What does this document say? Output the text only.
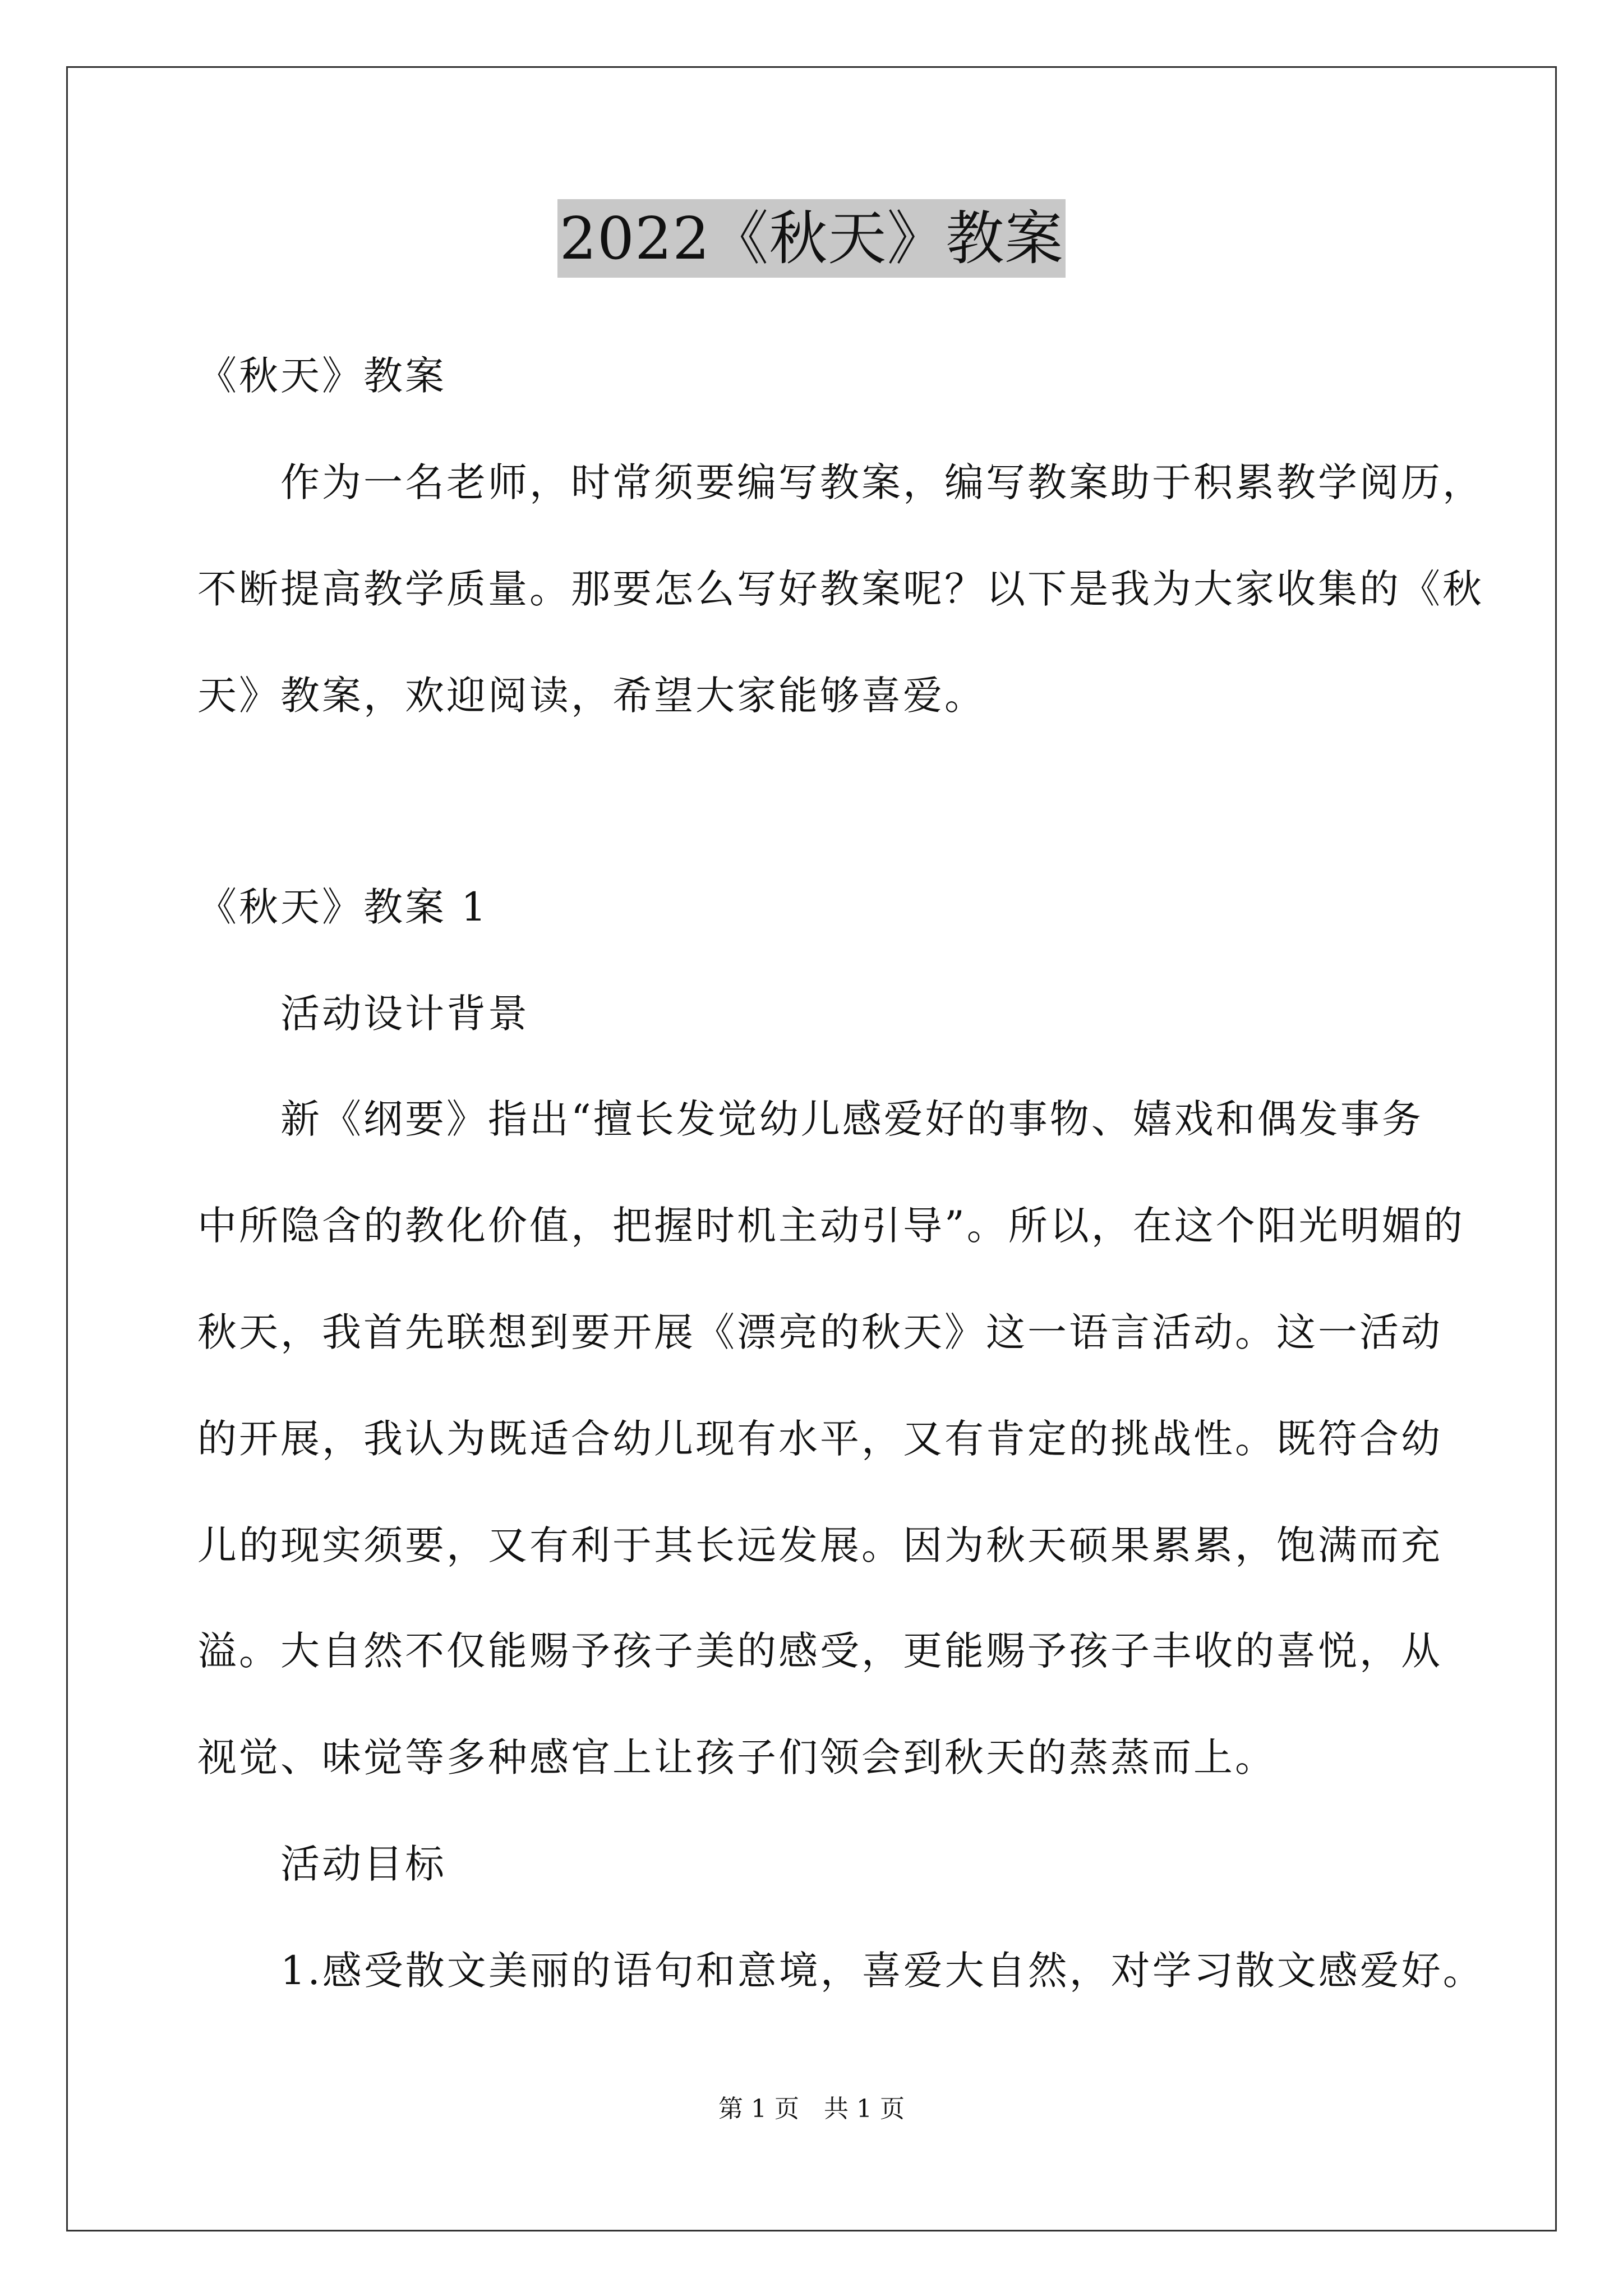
2022《秋天》教案
《秋天》教案
作为一名老师，时常须要编写教案，编写教案助于积累教学阅历，
不断提高教学质量。那要怎么写好教案呢？以下是我为大家收集的《秋
天》教案，欢迎阅读，希望大家能够喜爱。
《秋天》教案 1
活动设计背景
新《纲要》指出“擅长发觉幼儿感爱好的事物、嬉戏和偶发事务
中所隐含的教化价值，把握时机主动引导”。所以，在这个阳光明媚的
秋天，我首先联想到要开展《漂亮的秋天》这一语言活动。这一活动
的开展，我认为既适合幼儿现有水平，又有肯定的挑战性。既符合幼
儿的现实须要，又有利于其长远发展。因为秋天硕果累累，饱满而充
溢。大自然不仅能赐予孩子美的感受，更能赐予孩子丰收的喜悦，从
视觉、味觉等多种感官上让孩子们领会到秋天的蒸蒸而上。
活动目标
1.感受散文美丽的语句和意境，喜爱大自然，对学习散文感爱好。
第 1 页　共 1 页
